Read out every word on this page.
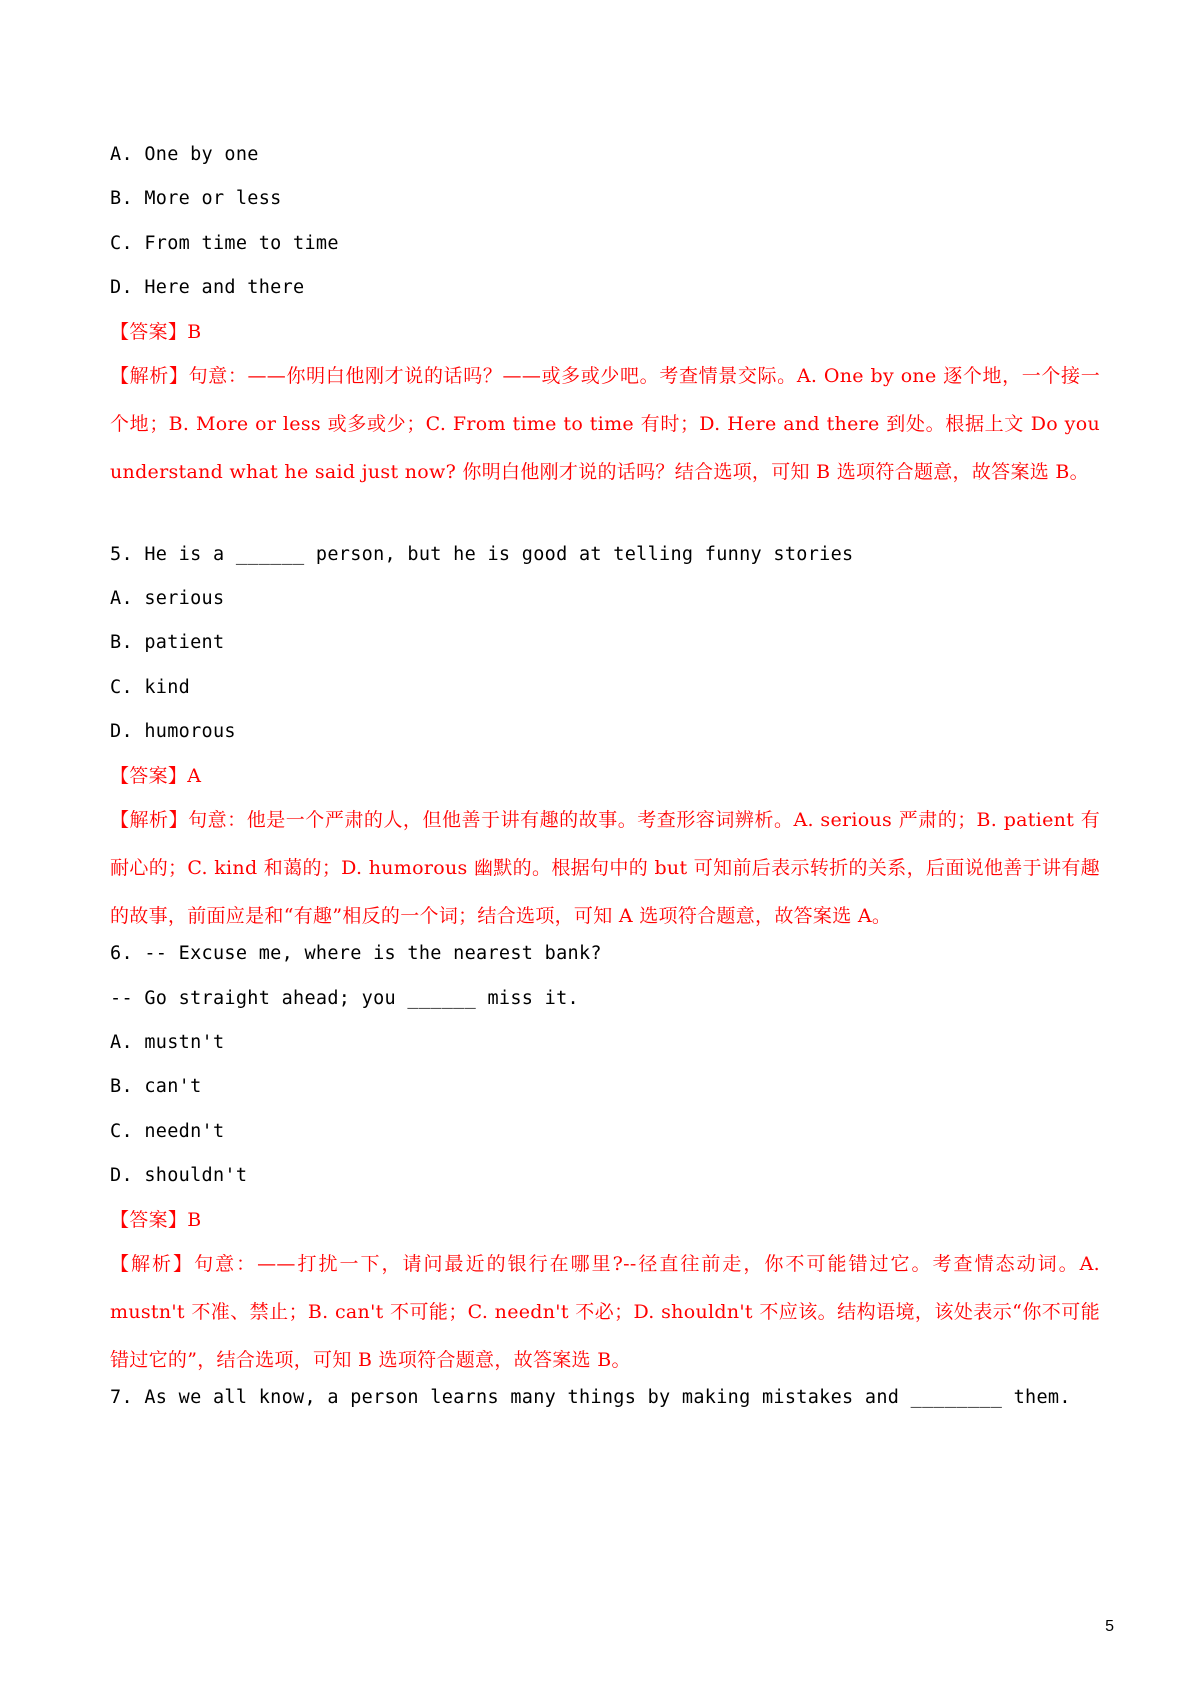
A. One by one
B. More or less
C. From time to time
D. Here and there
【答案】B
【解析】句意：——你明白他刚才说的话吗？——或多或少吧。考查情景交际。A. One by one 逐个地，一个接一个地；B. More or less 或多或少；C. From time to time 有时；D. Here and there 到处。根据上文 Do you understand what he said just now? 你明白他刚才说的话吗？结合选项，可知 B 选项符合题意，故答案选 B。
5. He is a ______ person, but he is good at telling funny stories
A. serious
B. patient
C. kind
D. humorous
【答案】A
【解析】句意：他是一个严肃的人，但他善于讲有趣的故事。考查形容词辨析。A. serious 严肃的；B. patient 有耐心的；C. kind 和蔼的；D. humorous 幽默的。根据句中的 but 可知前后表示转折的关系，后面说他善于讲有趣的故事，前面应是和“有趣”相反的一个词；结合选项，可知 A 选项符合题意，故答案选 A。
6. -- Excuse me, where is the nearest bank?
-- Go straight ahead; you ______ miss it.
A. mustn't
B. can't
C. needn't
D. shouldn't
【答案】B
【解析】句意：——打扰一下，请问最近的银行在哪里?--径直往前走，你不可能错过它。考查情态动词。A. mustn't 不准、禁止；B. can't 不可能；C. needn't 不必；D. shouldn't 不应该。结构语境，该处表示“你不可能错过它的”，结合选项，可知 B 选项符合题意，故答案选 B。
7. As we all know, a person learns many things by making mistakes and ________ them.
5
